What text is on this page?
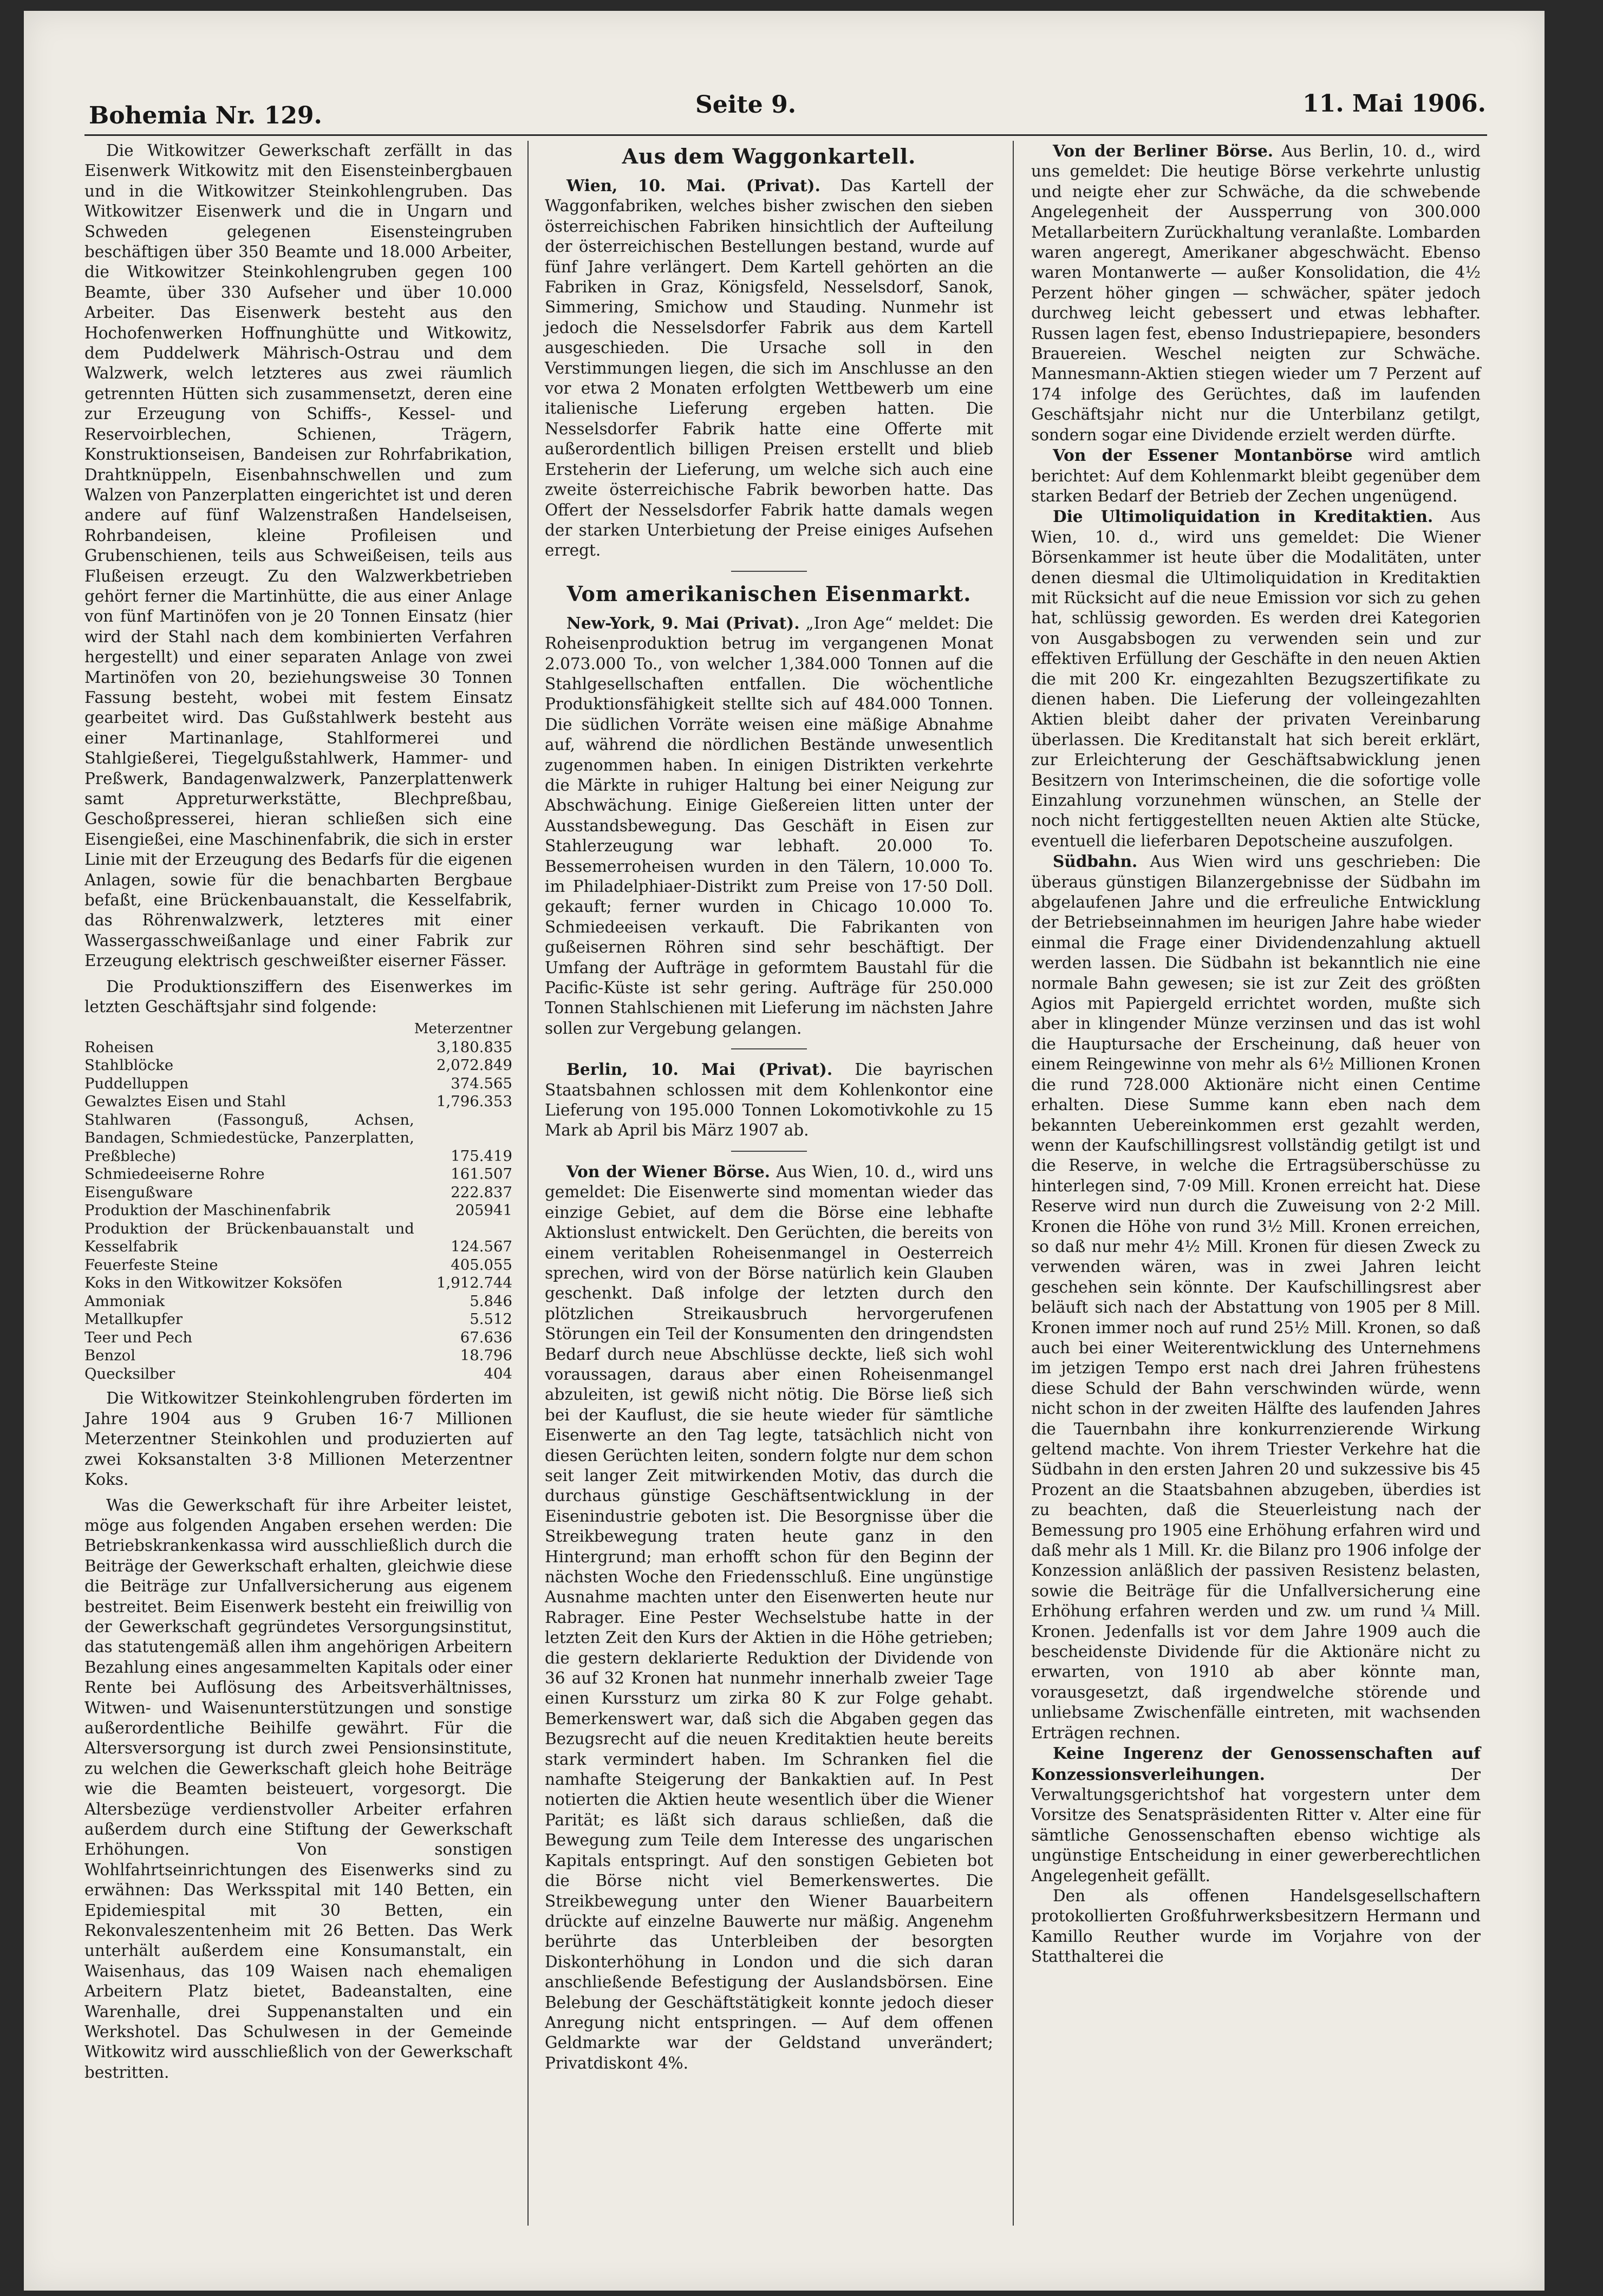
Bohemia Nr. 129.	Seite 9.	11. Mai 1906.

Die Witkowitzer Gewerkschaft zerfällt in das Eisenwerk Witkowitz mit den Eisensteinbergbauen und in die Witkowitzer Steinkohlengruben. Das Witkowitzer Eisenwerk und die in Ungarn und Schweden gelegenen Eisensteingruben beschäftigen über 350 Beamte und 18.000 Arbeiter, die Witkowitzer Steinkohlengruben gegen 100 Beamte, über 330 Aufseher und über 10.000 Arbeiter. Das Eisenwerk besteht aus den Hochofenwerken Hoffnunghütte und Witkowitz, dem Puddelwerk Mährisch-Ostrau und dem Walzwerk, welch letzteres aus zwei räumlich getrennten Hütten sich zusammensetzt, deren eine zur Erzeugung von Schiffs-, Kessel- und Reservoirblechen, Schienen, Trägern, Konstruktionseisen, Bandeisen zur Rohrfabrikation, Drahtknüppeln, Eisenbahnschwellen und zum Walzen von Panzerplatten eingerichtet ist und deren andere auf fünf Walzenstraßen Handelseisen, Rohrbandeisen, kleine Profileisen und Grubenschienen, teils aus Schweißeisen, teils aus Flußeisen erzeugt. Zu den Walzwerkbetrieben gehört ferner die Martinhütte, die aus einer Anlage von fünf Martinöfen von je 20 Tonnen Einsatz (hier wird der Stahl nach dem kombinierten Verfahren hergestellt) und einer separaten Anlage von zwei Martinöfen von 20, beziehungsweise 30 Tonnen Fassung besteht, wobei mit festem Einsatz gearbeitet wird. Das Gußstahlwerk besteht aus einer Martinanlage, Stahlformerei und Stahlgießerei, Tiegelgußstahlwerk, Hammer- und Preßwerk, Bandagenwalzwerk, Panzerplattenwerk samt Appreturwerkstätte, Blechpreßbau, Geschoßpresserei, hieran schließen sich eine Eisengießei, eine Maschinenfabrik, die sich in erster Linie mit der Erzeugung des Bedarfs für die eigenen Anlagen, sowie für die benachbarten Bergbaue befaßt, eine Brückenbauanstalt, die Kesselfabrik, das Röhrenwalzwerk, letzteres mit einer Wassergasschweißanlage und einer Fabrik zur Erzeugung elektrisch geschweißter eiserner Fässer.

Die Produktionsziffern des Eisenwerkes im letzten Geschäftsjahr sind folgende:

	Meterzentner
Roheisen	3,180.835
Stahlblöcke	2,072.849
Puddelluppen	374.565
Gewalztes Eisen und Stahl	1,796.353
Stahlwaren (Fassonguß, Achsen, Bandagen, Schmiedestücke, Panzerplatten, Preßbleche)	175.419
Schmiedeeiserne Rohre	161.507
Eisengußware	222.837
Produktion der Maschinenfabrik	205941
Produktion der Brückenbauanstalt und Kesselfabrik	124.567
Feuerfeste Steine	405.055
Koks in den Witkowitzer Koksöfen	1,912.744
Ammoniak	5.846
Metallkupfer	5.512
Teer und Pech	67.636
Benzol	18.796
Quecksilber	404

Die Witkowitzer Steinkohlengruben förderten im Jahre 1904 aus 9 Gruben 16·7 Millionen Meterzentner Steinkohlen und produzierten auf zwei Koksanstalten 3·8 Millionen Meterzentner Koks.

Was die Gewerkschaft für ihre Arbeiter leistet, möge aus folgenden Angaben ersehen werden: Die Betriebskrankenkassa wird ausschließlich durch die Beiträge der Gewerkschaft erhalten, gleichwie diese die Beiträge zur Unfallversicherung aus eigenem bestreitet. Beim Eisenwerk besteht ein freiwillig von der Gewerkschaft gegründetes Versorgungsinstitut, das statutengemäß allen ihm angehörigen Arbeitern Bezahlung eines angesammelten Kapitals oder einer Rente bei Auflösung des Arbeitsverhältnisses, Witwen- und Waisenunterstützungen und sonstige außerordentliche Beihilfe gewährt. Für die Altersversorgung ist durch zwei Pensionsinstitute, zu welchen die Gewerkschaft gleich hohe Beiträge wie die Beamten beisteuert, vorgesorgt. Die Altersbezüge verdienstvoller Arbeiter erfahren außerdem durch eine Stiftung der Gewerkschaft Erhöhungen. Von sonstigen Wohlfahrtseinrichtungen des Eisenwerks sind zu erwähnen: Das Werksspital mit 140 Betten, ein Epidemiespital mit 30 Betten, ein Rekonvaleszentenheim mit 26 Betten. Das Werk unterhält außerdem eine Konsumanstalt, ein Waisenhaus, das 109 Waisen nach ehemaligen Arbeitern Platz bietet, Badeanstalten, eine Warenhalle, drei Suppenanstalten und ein Werkshotel. Das Schulwesen in der Gemeinde Witkowitz wird ausschließlich von der Gewerkschaft bestritten.

Aus dem Waggonkartell.

Wien, 10. Mai. (Privat). Das Kartell der Waggonfabriken, welches bisher zwischen den sieben österreichischen Fabriken hinsichtlich der Aufteilung der österreichischen Bestellungen bestand, wurde auf fünf Jahre verlängert. Dem Kartell gehörten an die Fabriken in Graz, Königsfeld, Nesselsdorf, Sanok, Simmering, Smichow und Stauding. Nunmehr ist jedoch die Nesselsdorfer Fabrik aus dem Kartell ausgeschieden. Die Ursache soll in den Verstimmungen liegen, die sich im Anschlusse an den vor etwa 2 Monaten erfolgten Wettbewerb um eine italienische Lieferung ergeben hatten. Die Nesselsdorfer Fabrik hatte eine Offerte mit außerordentlich billigen Preisen erstellt und blieb Ersteherin der Lieferung, um welche sich auch eine zweite österreichische Fabrik beworben hatte. Das Offert der Nesselsdorfer Fabrik hatte damals wegen der starken Unterbietung der Preise einiges Aufsehen erregt.

Vom amerikanischen Eisenmarkt.

New-York, 9. Mai (Privat). „Iron Age“ meldet: Die Roheisenproduktion betrug im vergangenen Monat 2.073.000 To., von welcher 1,384.000 Tonnen auf die Stahlgesellschaften entfallen. Die wöchentliche Produktionsfähigkeit stellte sich auf 484.000 Tonnen. Die südlichen Vorräte weisen eine mäßige Abnahme auf, während die nördlichen Bestände unwesentlich zugenommen haben. In einigen Distrikten verkehrte die Märkte in ruhiger Haltung bei einer Neigung zur Abschwächung. Einige Gießereien litten unter der Ausstandsbewegung. Das Geschäft in Eisen zur Stahlerzeugung war lebhaft. 20.000 To. Bessemerroheisen wurden in den Tälern, 10.000 To. im Philadelphiaer-Distrikt zum Preise von 17·50 Doll. gekauft; ferner wurden in Chicago 10.000 To. Schmiedeeisen verkauft. Die Fabrikanten von gußeisernen Röhren sind sehr beschäftigt. Der Umfang der Aufträge in geformtem Baustahl für die Pacific-Küste ist sehr gering. Aufträge für 250.000 Tonnen Stahlschienen mit Lieferung im nächsten Jahre sollen zur Vergebung gelangen.

Berlin, 10. Mai (Privat). Die bayrischen Staatsbahnen schlossen mit dem Kohlenkontor eine Lieferung von 195.000 Tonnen Lokomotivkohle zu 15 Mark ab April bis März 1907 ab.

Von der Wiener Börse. Aus Wien, 10. d., wird uns gemeldet: Die Eisenwerte sind momentan wieder das einzige Gebiet, auf dem die Börse eine lebhafte Aktionslust entwickelt. Den Gerüchten, die bereits von einem veritablen Roheisenmangel in Oesterreich sprechen, wird von der Börse natürlich kein Glauben geschenkt. Daß infolge der letzten durch den plötzlichen Streikausbruch hervorgerufenen Störungen ein Teil der Konsumenten den dringendsten Bedarf durch neue Abschlüsse deckte, ließ sich wohl voraussagen, daraus aber einen Roheisenmangel abzuleiten, ist gewiß nicht nötig. Die Börse ließ sich bei der Kauflust, die sie heute wieder für sämtliche Eisenwerte an den Tag legte, tatsächlich nicht von diesen Gerüchten leiten, sondern folgte nur dem schon seit langer Zeit mitwirkenden Motiv, das durch die durchaus günstige Geschäftsentwicklung in der Eisenindustrie geboten ist. Die Besorgnisse über die Streikbewegung traten heute ganz in den Hintergrund; man erhofft schon für den Beginn der nächsten Woche den Friedensschluß. Eine ungünstige Ausnahme machten unter den Eisenwerten heute nur Rabrager. Eine Pester Wechselstube hatte in der letzten Zeit den Kurs der Aktien in die Höhe getrieben; die gestern deklarierte Reduktion der Dividende von 36 auf 32 Kronen hat nunmehr innerhalb zweier Tage einen Kurssturz um zirka 80 K zur Folge gehabt. Bemerkenswert war, daß sich die Abgaben gegen das Bezugsrecht auf die neuen Kreditaktien heute bereits stark vermindert haben. Im Schranken fiel die namhafte Steigerung der Bankaktien auf. In Pest notierten die Aktien heute wesentlich über die Wiener Parität; es läßt sich daraus schließen, daß die Bewegung zum Teile dem Interesse des ungarischen Kapitals entspringt. Auf den sonstigen Gebieten bot die Börse nicht viel Bemerkenswertes. Die Streikbewegung unter den Wiener Bauarbeitern drückte auf einzelne Bauwerte nur mäßig. Angenehm berührte das Unterbleiben der besorgten Diskonterhöhung in London und die sich daran anschließende Befestigung der Auslandsbörsen. Eine Belebung der Geschäftstätigkeit konnte jedoch dieser Anregung nicht entspringen. — Auf dem offenen Geldmarkte war der Geldstand unverändert; Privatdiskont 4%.

Von der Berliner Börse. Aus Berlin, 10. d., wird uns gemeldet: Die heutige Börse verkehrte unlustig und neigte eher zur Schwäche, da die schwebende Angelegenheit der Aussperrung von 300.000 Metallarbeitern Zurückhaltung veranlaßte. Lombarden waren angeregt, Amerikaner abgeschwächt. Ebenso waren Montanwerte — außer Konsolidation, die 4½ Perzent höher gingen — schwächer, später jedoch durchweg leicht gebessert und etwas lebhafter. Russen lagen fest, ebenso Industriepapiere, besonders Brauereien. Weschel neigten zur Schwäche. Mannesmann-Aktien stiegen wieder um 7 Perzent auf 174 infolge des Gerüchtes, daß im laufenden Geschäftsjahr nicht nur die Unterbilanz getilgt, sondern sogar eine Dividende erzielt werden dürfte.

Von der Essener Montanbörse wird amtlich berichtet: Auf dem Kohlenmarkt bleibt gegenüber dem starken Bedarf der Betrieb der Zechen ungenügend.

Die Ultimoliquidation in Kreditaktien. Aus Wien, 10. d., wird uns gemeldet: Die Wiener Börsenkammer ist heute über die Modalitäten, unter denen diesmal die Ultimoliquidation in Kreditaktien mit Rücksicht auf die neue Emission vor sich zu gehen hat, schlüssig geworden. Es werden drei Kategorien von Ausgabsbogen zu verwenden sein und zur effektiven Erfüllung der Geschäfte in den neuen Aktien die mit 200 Kr. eingezahlten Bezugszertifikate zu dienen haben. Die Lieferung der volleingezahlten Aktien bleibt daher der privaten Vereinbarung überlassen. Die Kreditanstalt hat sich bereit erklärt, zur Erleichterung der Geschäftsabwicklung jenen Besitzern von Interimscheinen, die die sofortige volle Einzahlung vorzunehmen wünschen, an Stelle der noch nicht fertiggestellten neuen Aktien alte Stücke, eventuell die lieferbaren Depotscheine auszufolgen.

Südbahn. Aus Wien wird uns geschrieben: Die überaus günstigen Bilanzergebnisse der Südbahn im abgelaufenen Jahre und die erfreuliche Entwicklung der Betriebseinnahmen im heurigen Jahre habe wieder einmal die Frage einer Dividendenzahlung aktuell werden lassen. Die Südbahn ist bekanntlich nie eine normale Bahn gewesen; sie ist zur Zeit des größten Agios mit Papiergeld errichtet worden, mußte sich aber in klingender Münze verzinsen und das ist wohl die Hauptursache der Erscheinung, daß heuer von einem Reingewinne von mehr als 6½ Millionen Kronen die rund 728.000 Aktionäre nicht einen Centime erhalten. Diese Summe kann eben nach dem bekannten Uebereinkommen erst gezahlt werden, wenn der Kaufschillingsrest vollständig getilgt ist und die Reserve, in welche die Ertragsüberschüsse zu hinterlegen sind, 7·09 Mill. Kronen erreicht hat. Diese Reserve wird nun durch die Zuweisung von 2·2 Mill. Kronen die Höhe von rund 3½ Mill. Kronen erreichen, so daß nur mehr 4½ Mill. Kronen für diesen Zweck zu verwenden wären, was in zwei Jahren leicht geschehen sein könnte. Der Kaufschillingsrest aber beläuft sich nach der Abstattung von 1905 per 8 Mill. Kronen immer noch auf rund 25½ Mill. Kronen, so daß auch bei einer Weiterentwicklung des Unternehmens im jetzigen Tempo erst nach drei Jahren frühestens diese Schuld der Bahn verschwinden würde, wenn nicht schon in der zweiten Hälfte des laufenden Jahres die Tauernbahn ihre konkurrenzierende Wirkung geltend machte. Von ihrem Triester Verkehre hat die Südbahn in den ersten Jahren 20 und sukzessive bis 45 Prozent an die Staatsbahnen abzugeben, überdies ist zu beachten, daß die Steuerleistung nach der Bemessung pro 1905 eine Erhöhung erfahren wird und daß mehr als 1 Mill. Kr. die Bilanz pro 1906 infolge der Konzession anläßlich der passiven Resistenz belasten, sowie die Beiträge für die Unfallversicherung eine Erhöhung erfahren werden und zw. um rund ¼ Mill. Kronen. Jedenfalls ist vor dem Jahre 1909 auch die bescheidenste Dividende für die Aktionäre nicht zu erwarten, von 1910 ab aber könnte man, vorausgesetzt, daß irgendwelche störende und unliebsame Zwischenfälle eintreten, mit wachsenden Erträgen rechnen.

Keine Ingerenz der Genossenschaften auf Konzessionsverleihungen.	Der Verwaltungsgerichtshof hat vorgestern unter dem Vorsitze des Senatspräsidenten Ritter v. Alter eine für sämtliche Genossenschaften ebenso wichtige als ungünstige Entscheidung in einer gewerberechtlichen Angelegenheit gefällt.

Den als offenen Handelsgesellschaftern protokollierten Großfuhrwerksbesitzern Hermann und Kamillo Reuther wurde im Vorjahre von der Statthalterei die
